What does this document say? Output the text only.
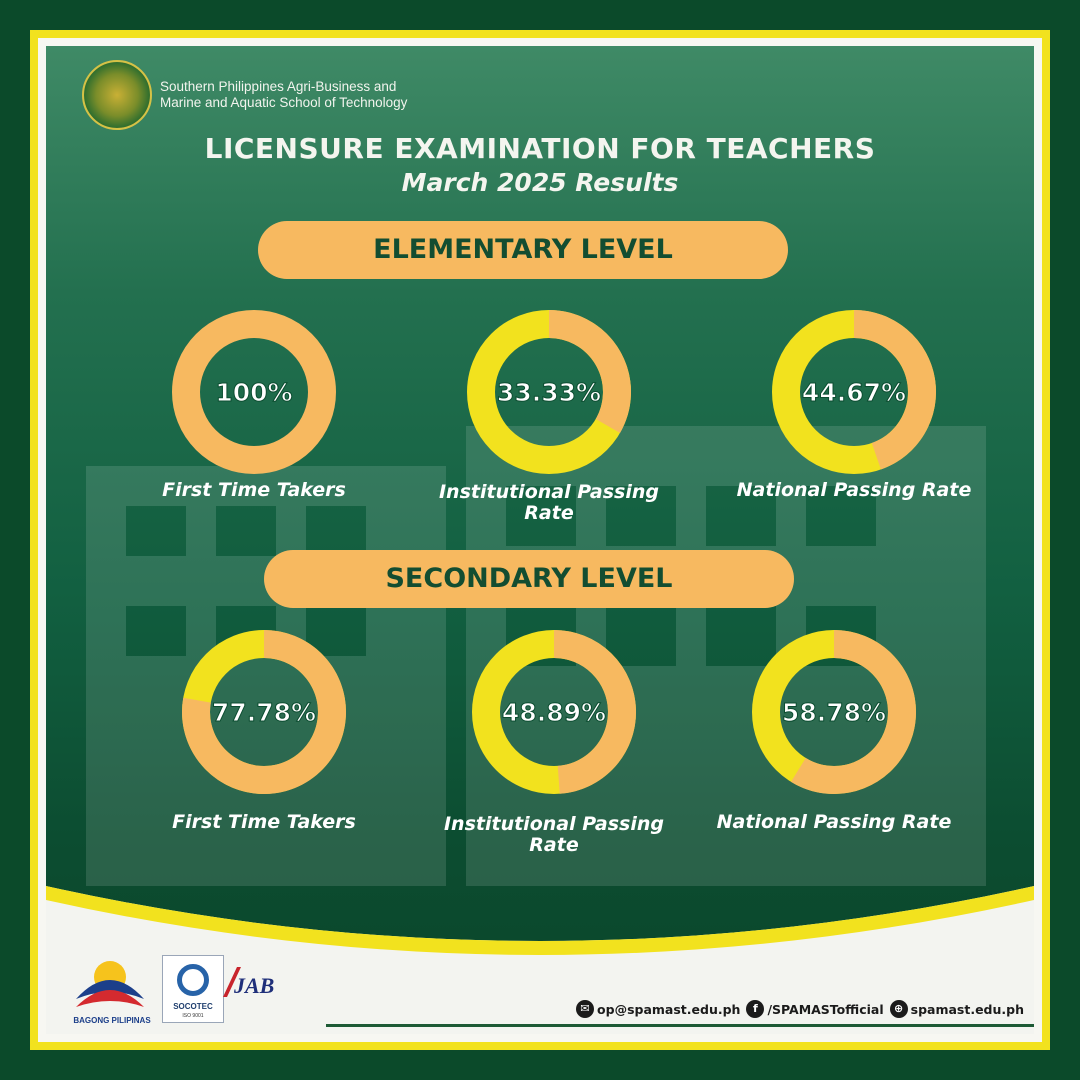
Southern Philippines Agri-Business and
Marine and Aquatic School of Technology
LICENSURE EXAMINATION FOR TEACHERS
March 2025 Results
ELEMENTARY LEVEL
SECONDARY LEVEL
100%	33.33%	44.67%
77.78%	48.89%	58.78%
First Time Takers	Institutional Passing Rate
National Passing Rate
First Time Takers	Institutional Passing Rate
National Passing Rate
BAGONG PILIPINAS
SOCOTEC
ISO 9001
JAB
✉ op@spamast.edu.ph	f /SPAMASTofficial ⊕ spamast.edu.ph
